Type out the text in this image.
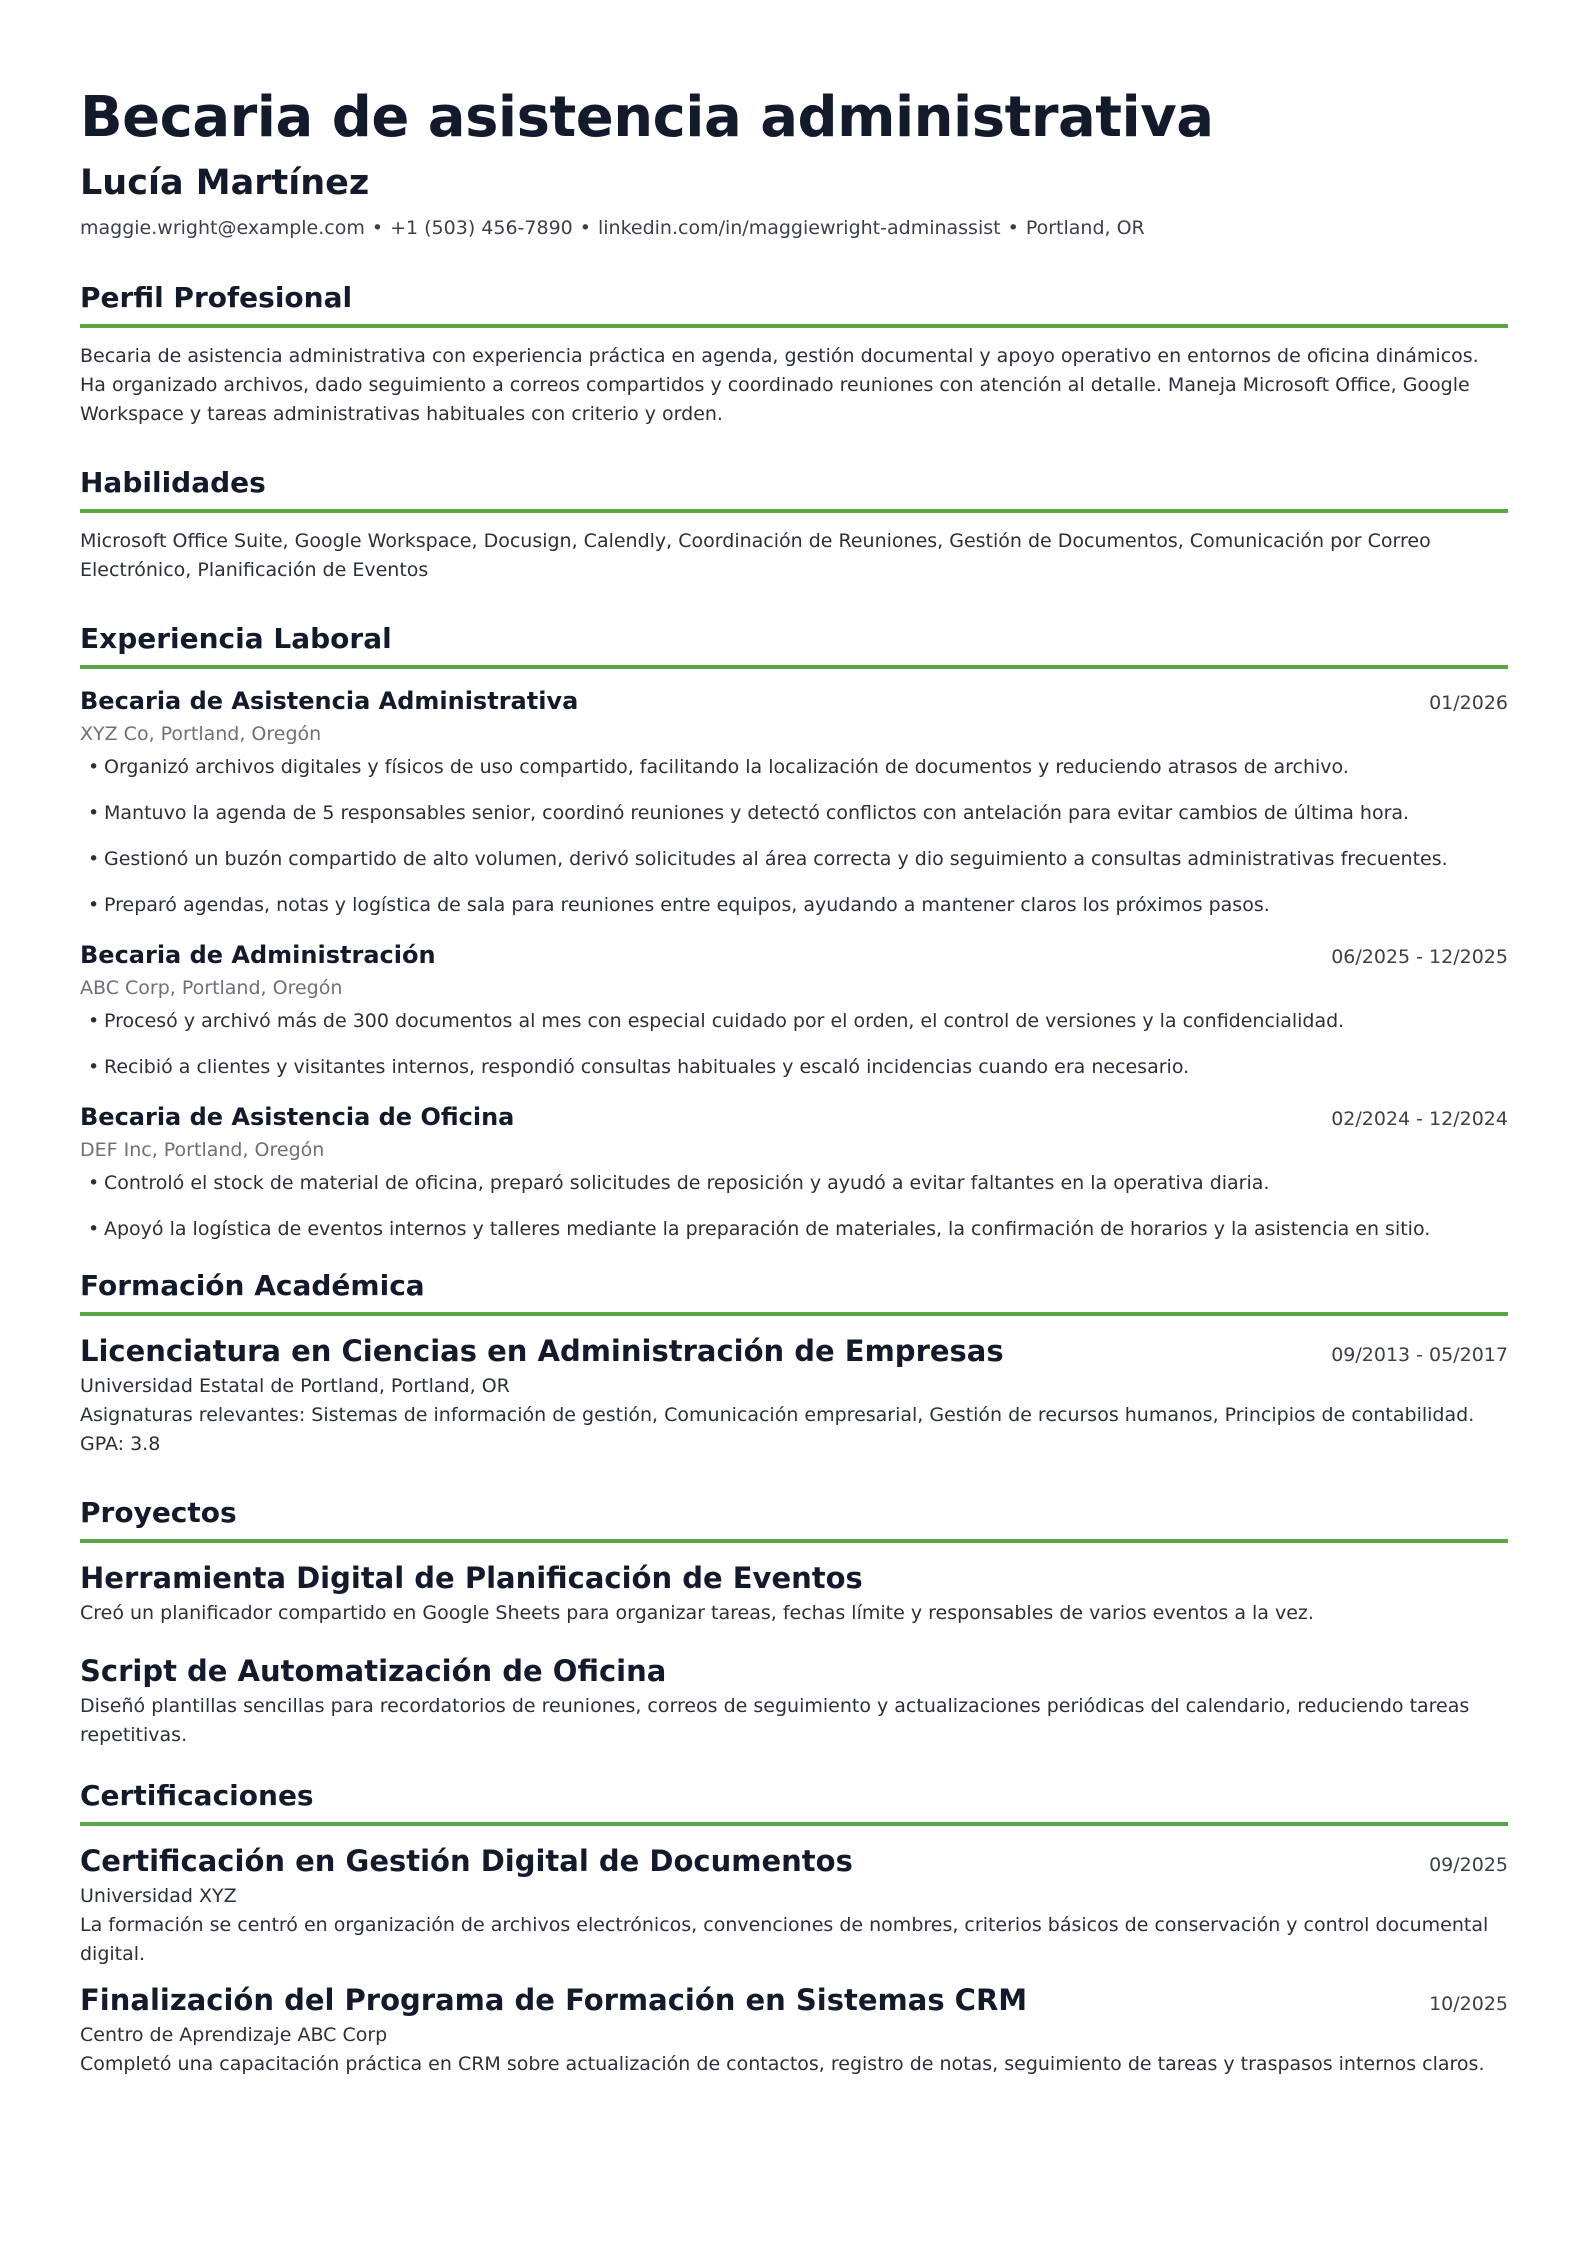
Becaria de asistencia administrativa
Lucía Martínez
maggie.wright@example.com • +1 (503) 456-7890 • linkedin.com/in/maggiewright-adminassist • Portland, OR
Perfil Profesional
Becaria de asistencia administrativa con experiencia práctica en agenda, gestión documental y apoyo operativo en entornos de oficina dinámicos. Ha organizado archivos, dado seguimiento a correos compartidos y coordinado reuniones con atención al detalle. Maneja Microsoft Office, Google Workspace y tareas administrativas habituales con criterio y orden.
Habilidades
Microsoft Office Suite, Google Workspace, Docusign, Calendly, Coordinación de Reuniones, Gestión de Documentos, Comunicación por Correo Electrónico, Planificación de Eventos
Experiencia Laboral
Becaria de Asistencia Administrativa	01/2026
XYZ Co, Portland, Oregón
• Organizó archivos digitales y físicos de uso compartido, facilitando la localización de documentos y reduciendo atrasos de archivo.
• Mantuvo la agenda de 5 responsables senior, coordinó reuniones y detectó conflictos con antelación para evitar cambios de última hora.
• Gestionó un buzón compartido de alto volumen, derivó solicitudes al área correcta y dio seguimiento a consultas administrativas frecuentes.
• Preparó agendas, notas y logística de sala para reuniones entre equipos, ayudando a mantener claros los próximos pasos.
Becaria de Administración	06/2025 - 12/2025
ABC Corp, Portland, Oregón
• Procesó y archivó más de 300 documentos al mes con especial cuidado por el orden, el control de versiones y la confidencialidad.
• Recibió a clientes y visitantes internos, respondió consultas habituales y escaló incidencias cuando era necesario.
Becaria de Asistencia de Oficina	02/2024 - 12/2024
DEF Inc, Portland, Oregón
• Controló el stock de material de oficina, preparó solicitudes de reposición y ayudó a evitar faltantes en la operativa diaria.
• Apoyó la logística de eventos internos y talleres mediante la preparación de materiales, la confirmación de horarios y la asistencia en sitio.
Formación Académica
Licenciatura en Ciencias en Administración de Empresas	09/2013 - 05/2017
Universidad Estatal de Portland, Portland, OR
Asignaturas relevantes: Sistemas de información de gestión, Comunicación empresarial, Gestión de recursos humanos, Principios de contabilidad. GPA: 3.8
Proyectos
Herramienta Digital de Planificación de Eventos
Creó un planificador compartido en Google Sheets para organizar tareas, fechas límite y responsables de varios eventos a la vez.
Script de Automatización de Oficina
Diseñó plantillas sencillas para recordatorios de reuniones, correos de seguimiento y actualizaciones periódicas del calendario, reduciendo tareas repetitivas.
Certificaciones
Certificación en Gestión Digital de Documentos	09/2025
Universidad XYZ
La formación se centró en organización de archivos electrónicos, convenciones de nombres, criterios básicos de conservación y control documental digital.
Finalización del Programa de Formación en Sistemas CRM	10/2025
Centro de Aprendizaje ABC Corp
Completó una capacitación práctica en CRM sobre actualización de contactos, registro de notas, seguimiento de tareas y traspasos internos claros.
